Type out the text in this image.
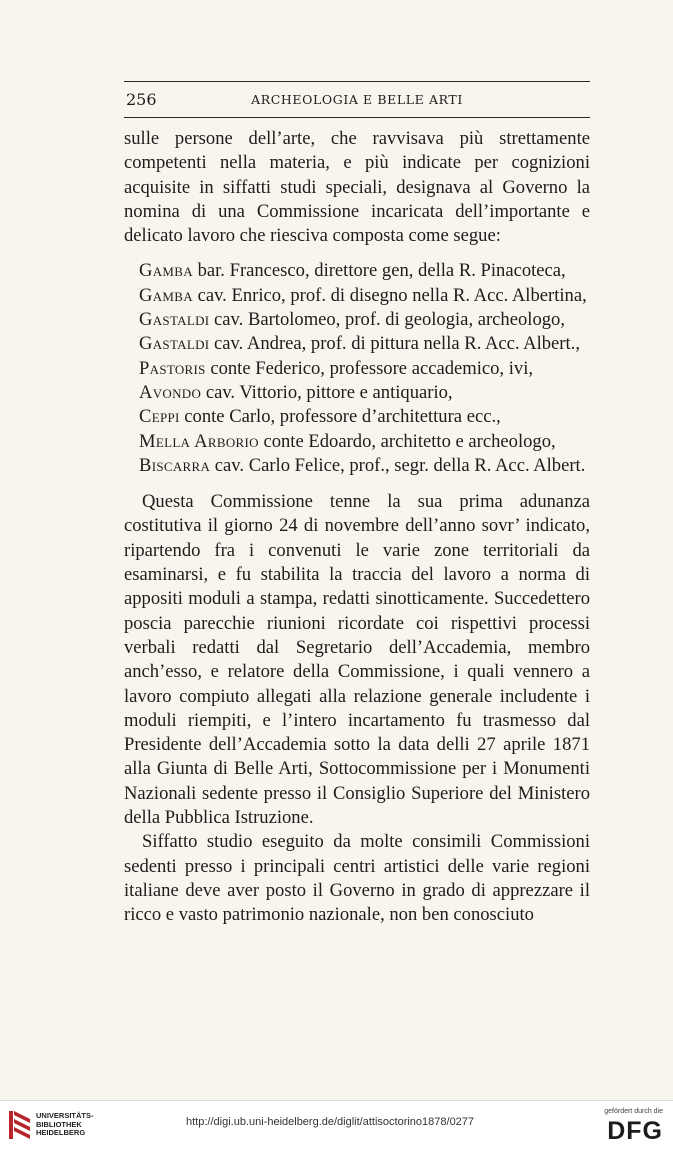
256	ARCHEOLOGIA E BELLE ARTI

sulle persone dell’arte, che ravvisava più strettamente competenti nella materia, e più indicate per cognizioni acquisite in siffatti studi speciali, designava al Governo la nomina di una Commissione incaricata dell’importante e delicato lavoro che riesciva composta come segue:

Gamba bar. Francesco, direttore gen, della R. Pinacoteca,
Gamba cav. Enrico, prof. di disegno nella R. Acc. Albertina,
Gastaldi cav. Bartolomeo, prof. di geologia, archeologo,
Gastaldi cav. Andrea, prof. di pittura nella R. Acc. Albert.,
Pastoris conte Federico, professore accademico, ivi,
Avondo cav. Vittorio, pittore e antiquario,
Ceppi conte Carlo, professore d’architettura ecc.,
Mella Arborio conte Edoardo, architetto e archeologo,
Biscarra cav. Carlo Felice, prof., segr. della R. Acc. Albert.

Questa Commissione tenne la sua prima adunanza costitutiva il giorno 24 di novembre dell’anno sovr’ indicato, ripartendo fra i convenuti le varie zone territoriali da esaminarsi, e fu stabilita la traccia del lavoro a norma di appositi moduli a stampa, redatti sinotticamente. Succedettero poscia parecchie riunioni ricordate coi rispettivi processi verbali redatti dal Segretario dell’Accademia, membro anch’esso, e relatore della Commissione, i quali vennero a lavoro compiuto allegati alla relazione generale includente i moduli riempiti, e l’intero incartamento fu trasmesso dal Presidente dell’Accademia sotto la data delli 27 aprile 1871 alla Giunta di Belle Arti, Sottocommissione per i Monumenti Nazionali sedente presso il Consiglio Superiore del Ministero della Pubblica Istruzione.

Siffatto studio eseguito da molte consimili Commissioni sedenti presso i principali centri artistici delle varie regioni italiane deve aver posto il Governo in grado di apprezzare il ricco e vasto patrimonio nazionale, non ben conosciuto

UNIVERSITÄTS-
BIBLIOTHEK
HEIDELBERG
http://digi.ub.uni-heidelberg.de/diglit/attisoctorino1878/0277
gefördert durch die
DFG
